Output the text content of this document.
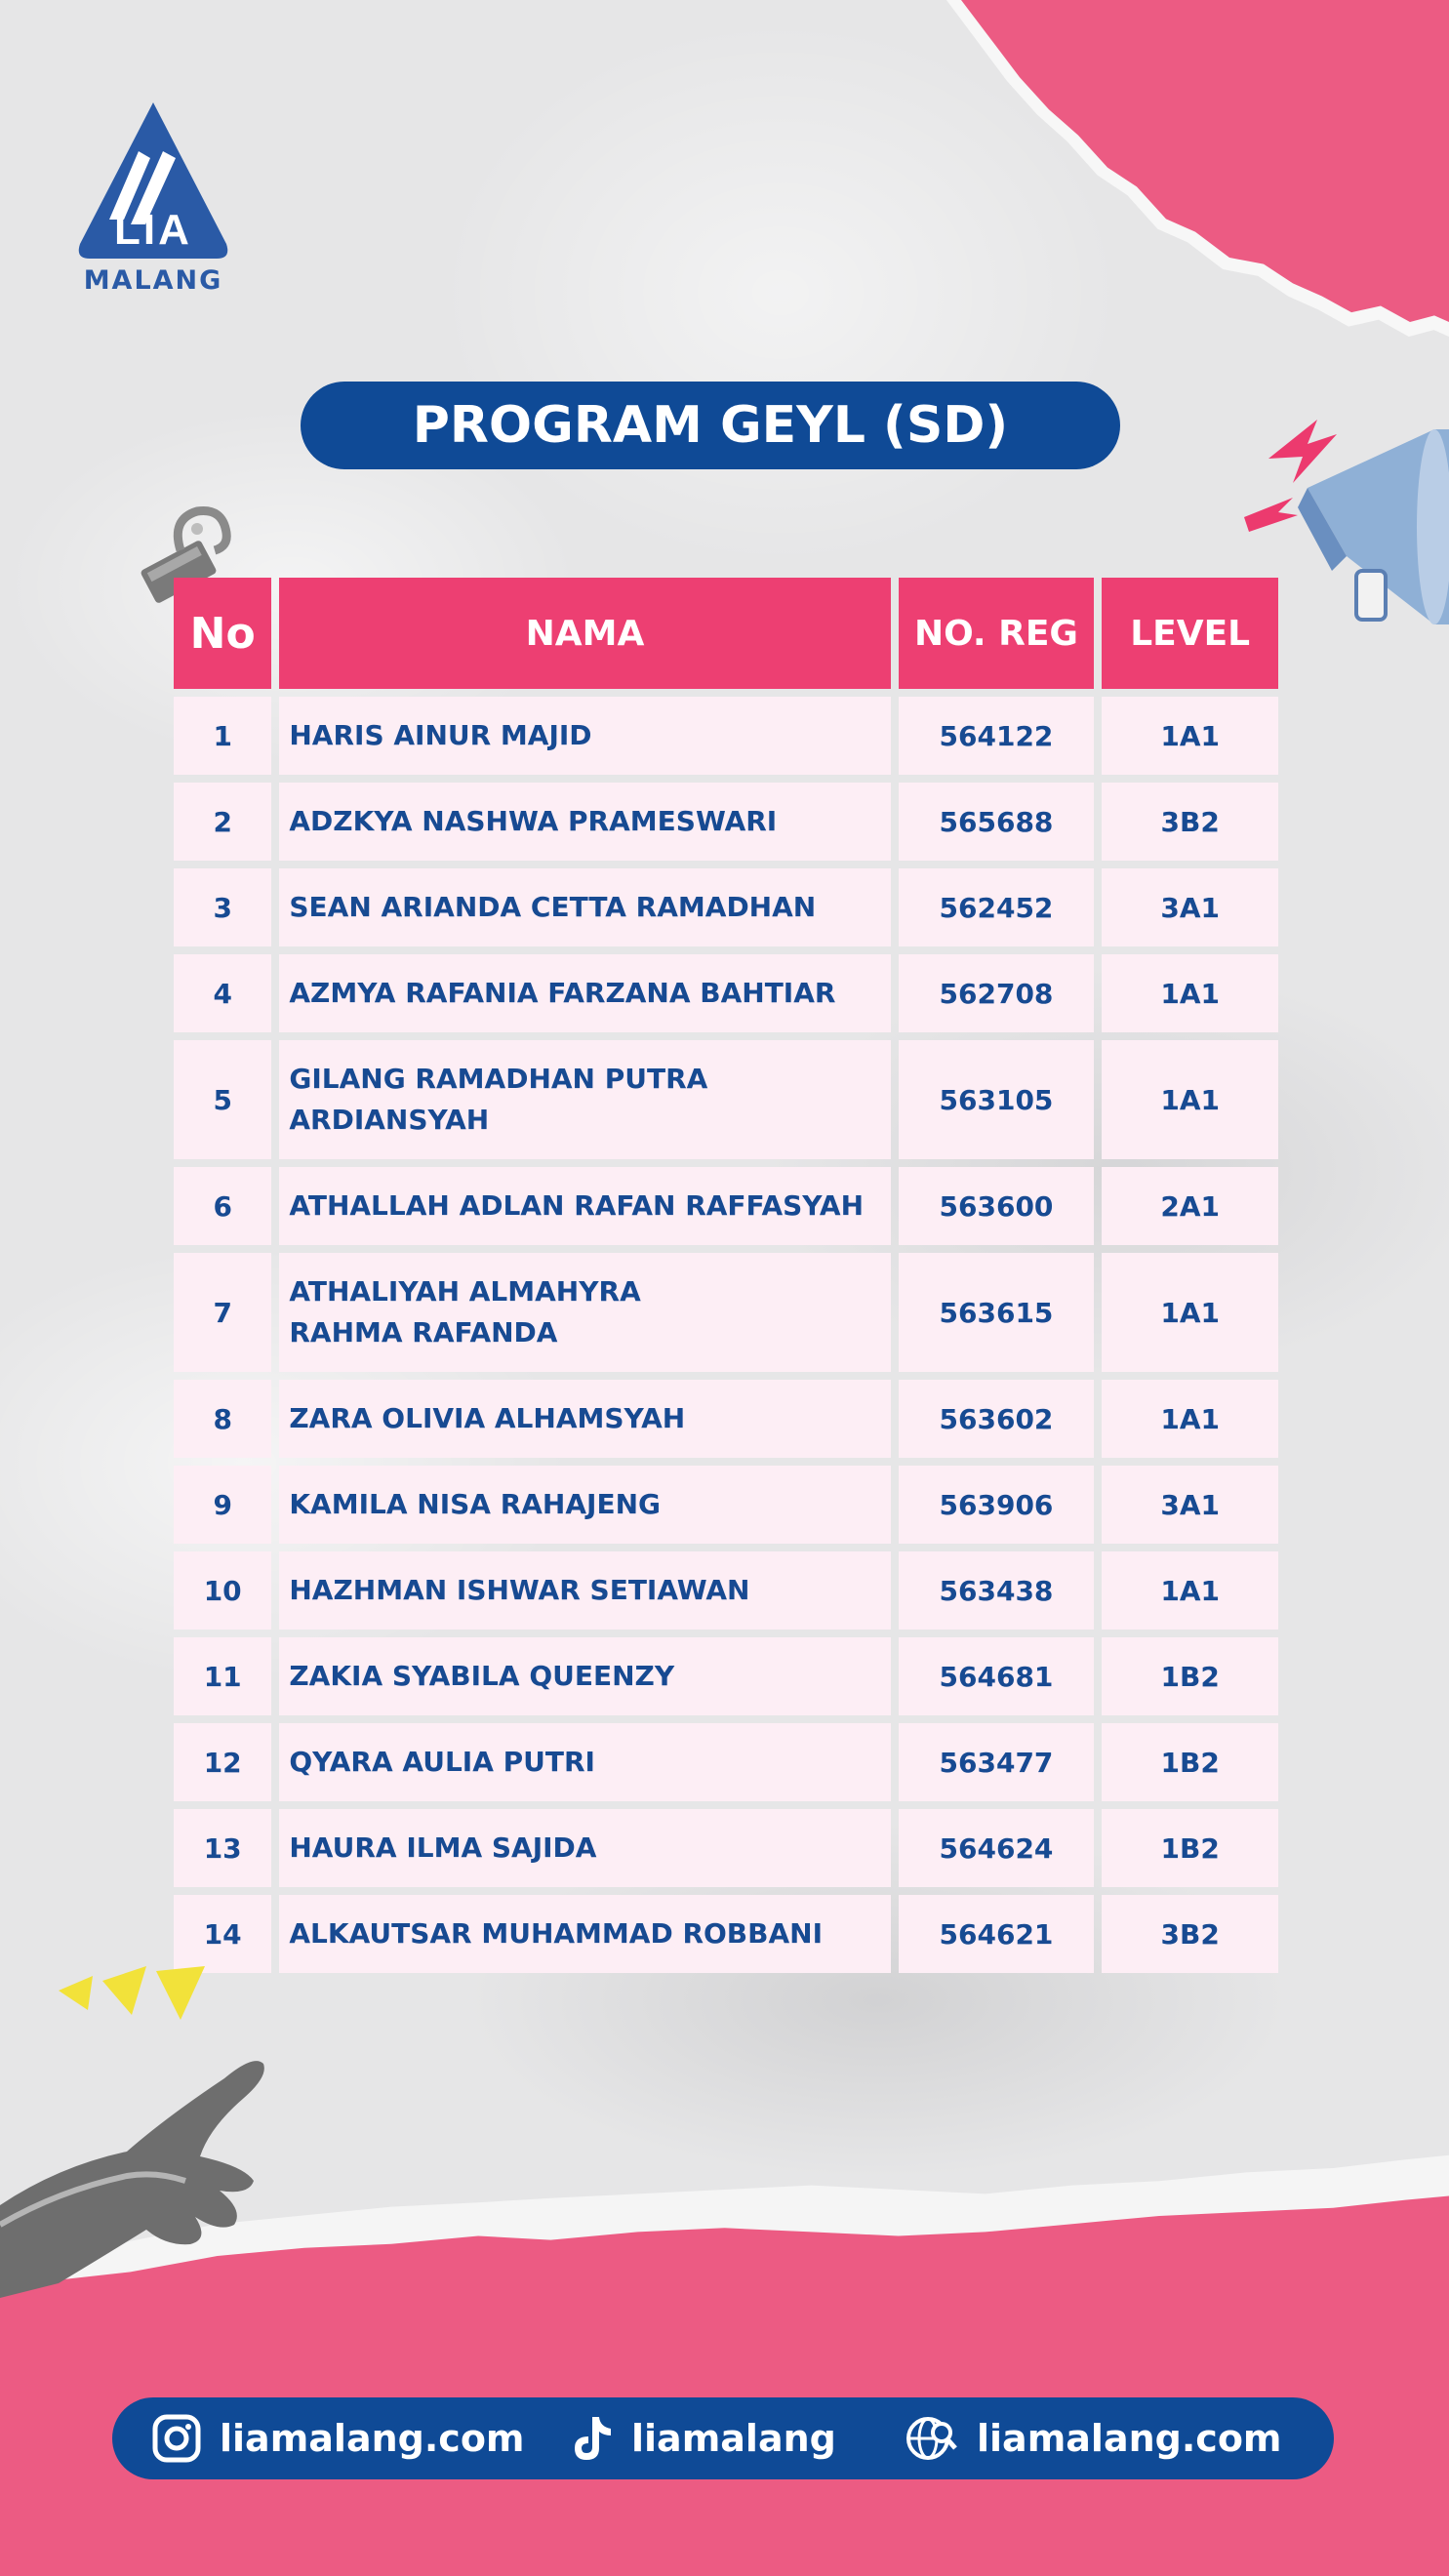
LIA
MALANG
PROGRAM GEYL (SD)
No	NAMA	NO. REG	LEVEL
1	HARIS AINUR MAJID	564122	1A1
2	ADZKYA NASHWA PRAMESWARI	565688	3B2
3	SEAN ARIANDA CETTA RAMADHAN	562452	3A1
4	AZMYA RAFANIA FARZANA BAHTIAR	562708	1A1
5	GILANG RAMADHAN PUTRA
ARDIANSYAH	563105	1A1
6	ATHALLAH ADLAN RAFAN RAFFASYAH	563600	2A1
7	ATHALIYAH ALMAHYRA
RAHMA RAFANDA	563615	1A1
8	ZARA OLIVIA ALHAMSYAH	563602	1A1
9	KAMILA NISA RAHAJENG	563906	3A1
10	HAZHMAN ISHWAR SETIAWAN	563438	1A1
11	ZAKIA SYABILA QUEENZY	564681	1B2
12	QYARA AULIA PUTRI	563477	1B2
13	HAURA ILMA SAJIDA	564624	1B2
14	ALKAUTSAR MUHAMMAD ROBBANI	564621	3B2
liamalang.com	liamalang	liamalang.com
